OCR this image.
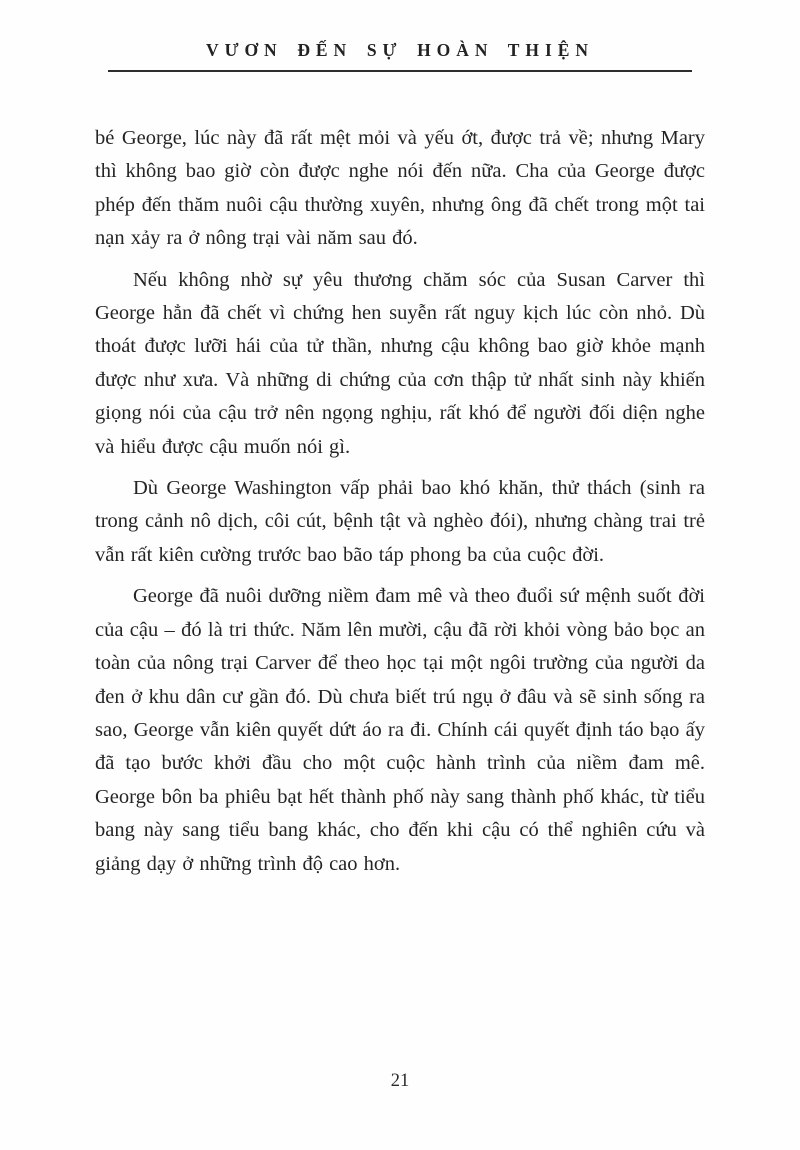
VƯƠN ĐẾN SỰ HOÀN THIỆN

bé George, lúc này đã rất mệt mỏi và yếu ớt, được trả về; nhưng Mary thì không bao giờ còn được nghe nói đến nữa. Cha của George được phép đến thăm nuôi cậu thường xuyên, nhưng ông đã chết trong một tai nạn xảy ra ở nông trại vài năm sau đó.

Nếu không nhờ sự yêu thương chăm sóc của Susan Carver thì George hẳn đã chết vì chứng hen suyễn rất nguy kịch lúc còn nhỏ. Dù thoát được lưỡi hái của tử thần, nhưng cậu không bao giờ khỏe mạnh được như xưa. Và những di chứng của cơn thập tử nhất sinh này khiến giọng nói của cậu trở nên ngọng nghịu, rất khó để người đối diện nghe và hiểu được cậu muốn nói gì.

Dù George Washington vấp phải bao khó khăn, thử thách (sinh ra trong cảnh nô dịch, côi cút, bệnh tật và nghèo đói), nhưng chàng trai trẻ vẫn rất kiên cường trước bao bão táp phong ba của cuộc đời.

George đã nuôi dưỡng niềm đam mê và theo đuổi sứ mệnh suốt đời của cậu – đó là tri thức. Năm lên mười, cậu đã rời khỏi vòng bảo bọc an toàn của nông trại Carver để theo học tại một ngôi trường của người da đen ở khu dân cư gần đó. Dù chưa biết trú ngụ ở đâu và sẽ sinh sống ra sao, George vẫn kiên quyết dứt áo ra đi. Chính cái quyết định táo bạo ấy đã tạo bước khởi đầu cho một cuộc hành trình của niềm đam mê. George bôn ba phiêu bạt hết thành phố này sang thành phố khác, từ tiểu bang này sang tiểu bang khác, cho đến khi cậu có thể nghiên cứu và giảng dạy ở những trình độ cao hơn.

21
